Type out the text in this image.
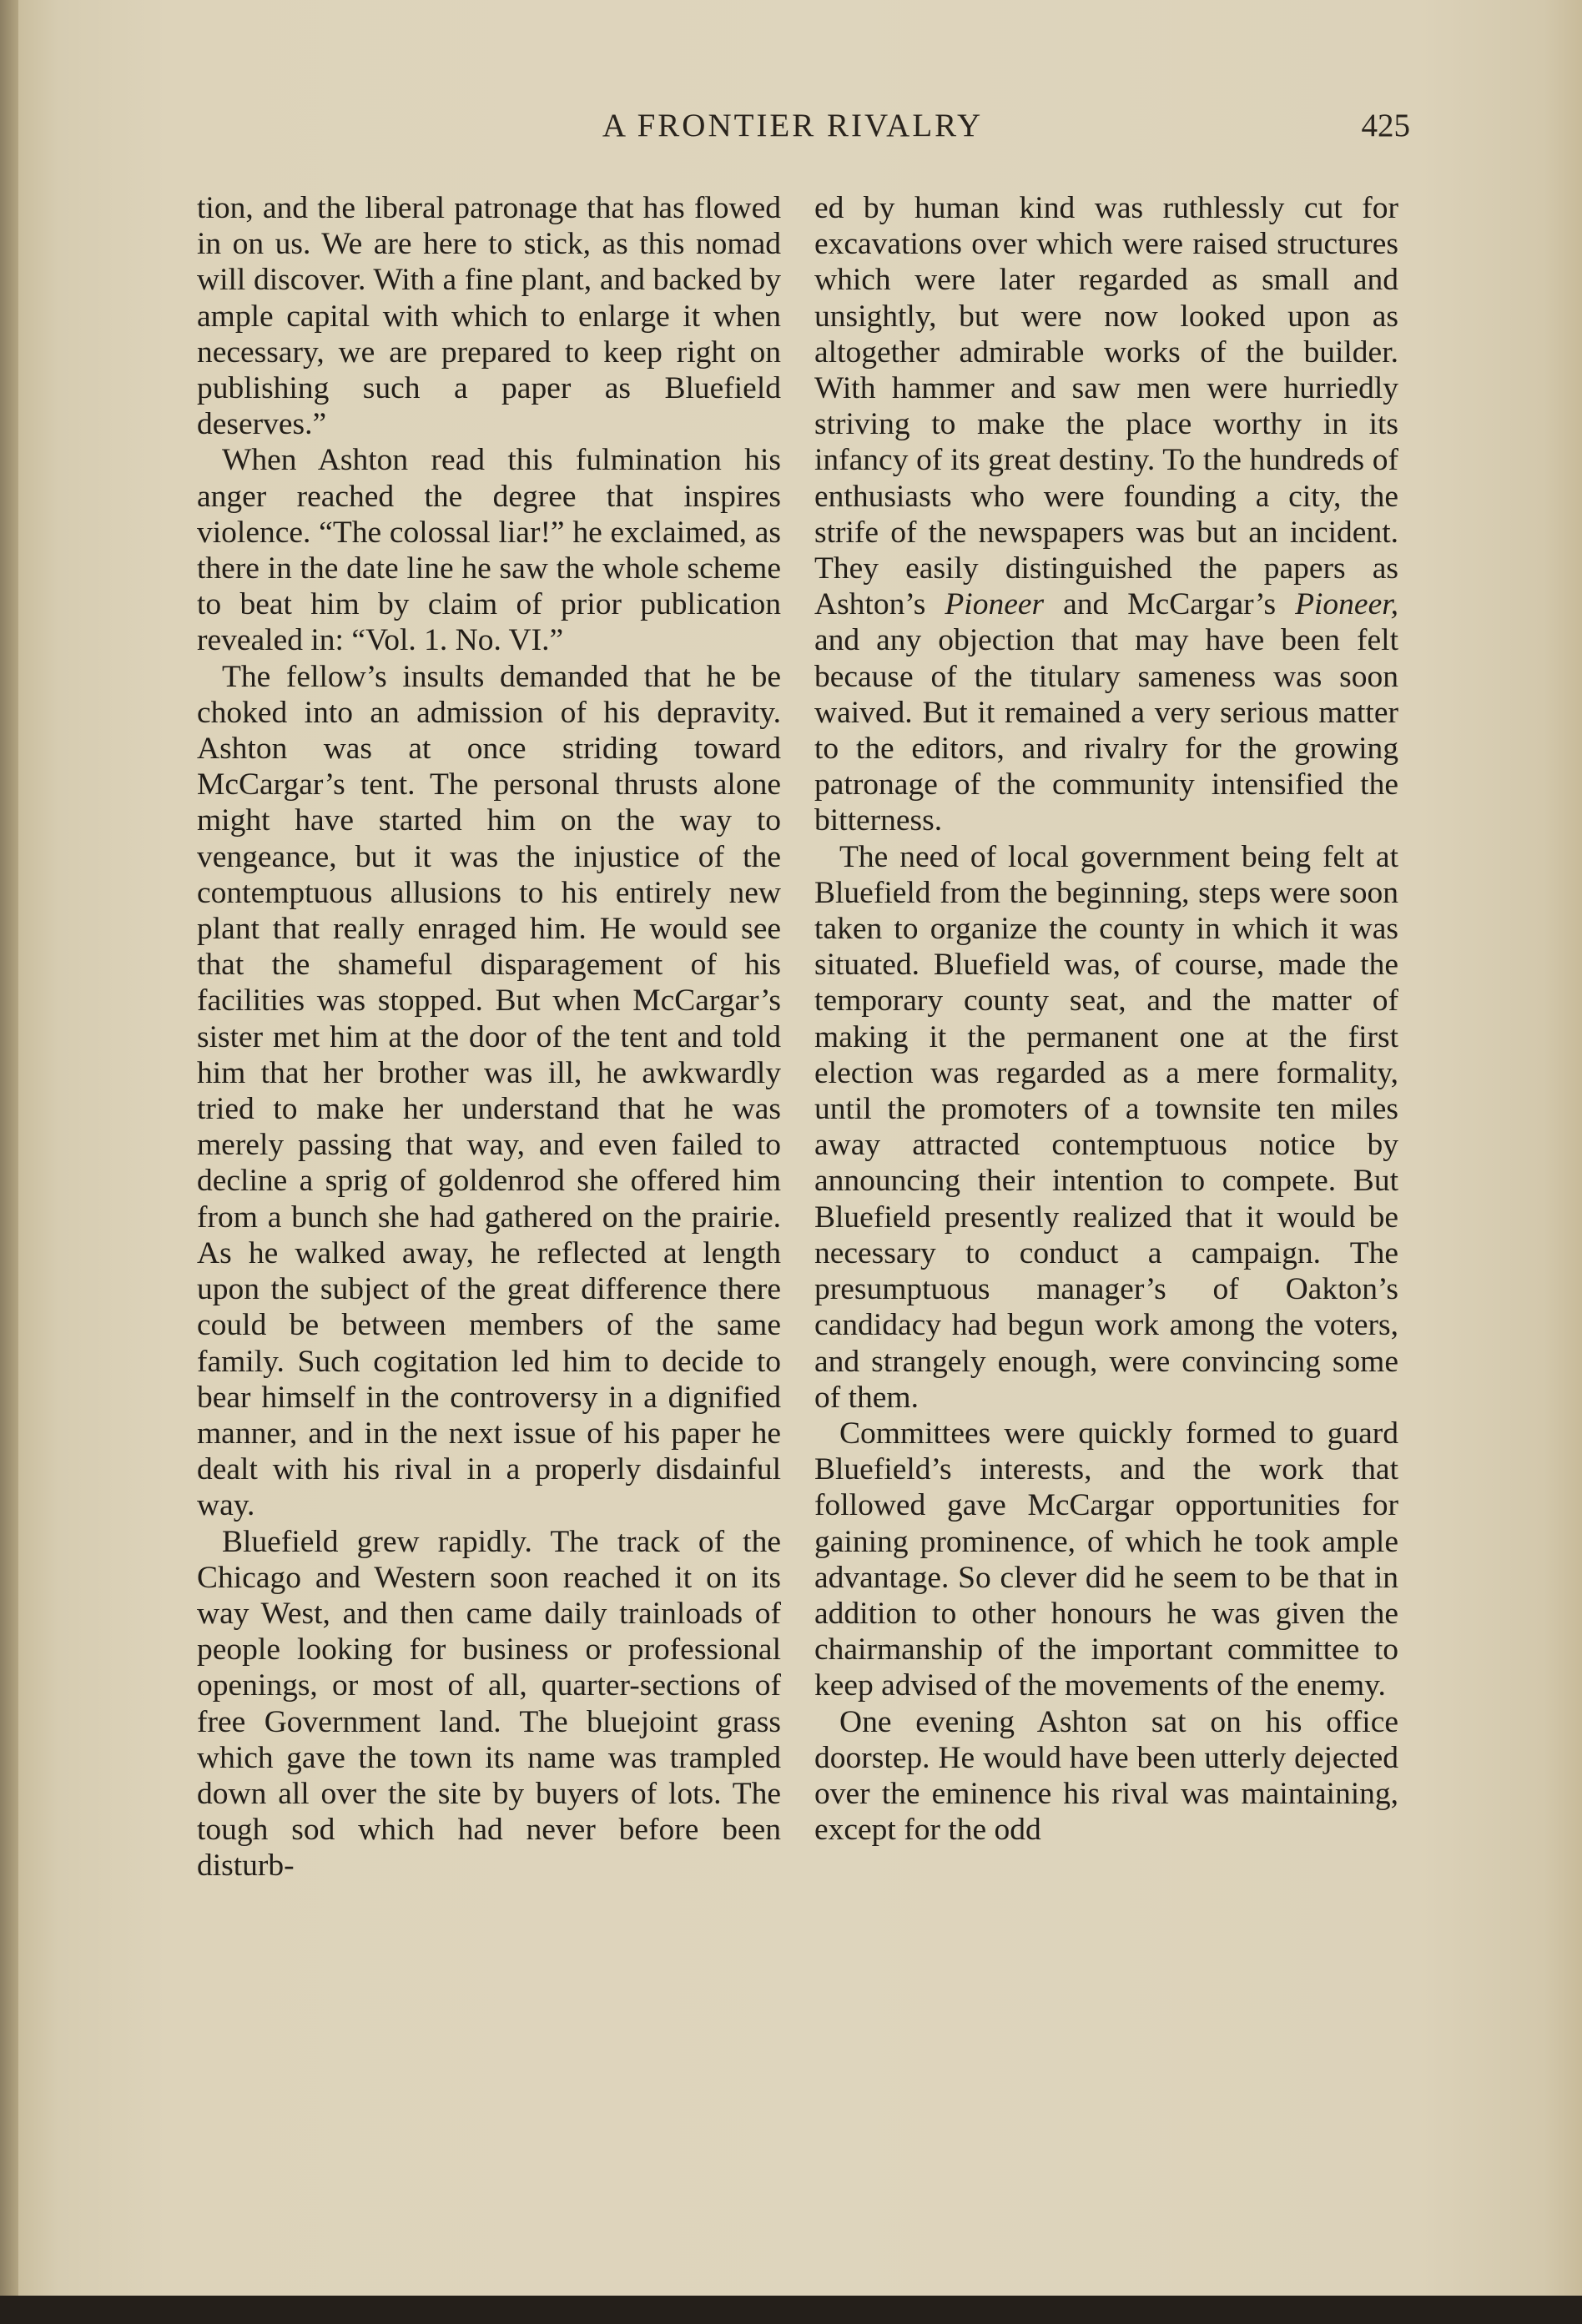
A FRONTIER RIVALRY	425

tion, and the liberal patronage that has flowed in on us. We are here to stick, as this nomad will discover. With a fine plant, and backed by ample capital with which to enlarge it when necessary, we are prepared to keep right on publishing such a paper as Bluefield deserves.”

When Ashton read this fulmination his anger reached the degree that inspires violence. “The colossal liar!” he exclaimed, as there in the date line he saw the whole scheme to beat him by claim of prior publication revealed in: “Vol. 1. No. VI.”

The fellow’s insults demanded that he be choked into an admission of his depravity. Ashton was at once striding toward McCargar’s tent. The personal thrusts alone might have started him on the way to vengeance, but it was the injustice of the contemptuous allusions to his entirely new plant that really enraged him. He would see that the shameful disparagement of his facilities was stopped. But when McCargar’s sister met him at the door of the tent and told him that her brother was ill, he awkwardly tried to make her understand that he was merely passing that way, and even failed to decline a sprig of goldenrod she offered him from a bunch she had gathered on the prairie. As he walked away, he reflected at length upon the subject of the great difference there could be between members of the same family. Such cogitation led him to decide to bear himself in the controversy in a dignified manner, and in the next issue of his paper he dealt with his rival in a properly disdainful way.

Bluefield grew rapidly. The track of the Chicago and Western soon reached it on its way West, and then came daily trainloads of people looking for business or professional openings, or most of all, quarter-sections of free Government land. The bluejoint grass which gave the town its name was trampled down all over the site by buyers of lots. The tough sod which had never before been disturb-

ed by human kind was ruthlessly cut for excavations over which were raised structures which were later regarded as small and unsightly, but were now looked upon as altogether admirable works of the builder. With hammer and saw men were hurriedly striving to make the place worthy in its infancy of its great destiny. To the hundreds of enthusiasts who were founding a city, the strife of the newspapers was but an incident. They easily distinguished the papers as Ashton’s Pioneer and McCargar’s Pioneer, and any objection that may have been felt because of the titulary sameness was soon waived. But it remained a very serious matter to the editors, and rivalry for the growing patronage of the community intensified the bitterness.

The need of local government being felt at Bluefield from the beginning, steps were soon taken to organize the county in which it was situated. Bluefield was, of course, made the temporary county seat, and the matter of making it the permanent one at the first election was regarded as a mere formality, until the promoters of a townsite ten miles away attracted contemptuous notice by announcing their intention to compete. But Bluefield presently realized that it would be necessary to conduct a campaign. The presumptuous manager’s of Oakton’s candidacy had begun work among the voters, and strangely enough, were convincing some of them.

Committees were quickly formed to guard Bluefield’s interests, and the work that followed gave McCargar opportunities for gaining prominence, of which he took ample advantage. So clever did he seem to be that in addition to other honours he was given the chairmanship of the important committee to keep advised of the movements of the enemy.

One evening Ashton sat on his office doorstep. He would have been utterly dejected over the eminence his rival was maintaining, except for the odd
